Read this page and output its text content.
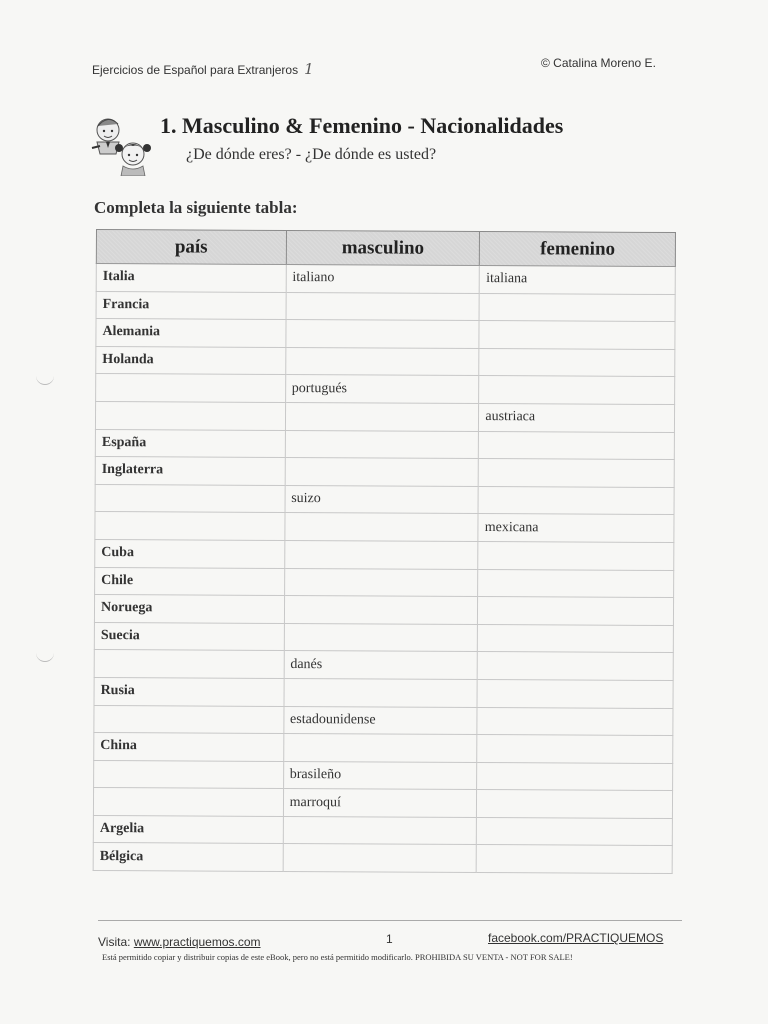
Ejercicios de Español para Extranjeros 1	© Catalina Moreno E.
1. Masculino & Femenino - Nacionalidades
¿De dónde eres? - ¿De dónde es usted?
Completa la siguiente tabla:
país	masculino	femenino
Italia	italiano	italiana
Francia		
Alemania		
Holanda		
	portugués	
		austriaca
España		
Inglaterra		
	suizo	
		mexicana
Cuba		
Chile		
Noruega		
Suecia		
	danés	
Rusia		
	estadounidense	
China		
	brasileño	
	marroquí	
Argelia		
Bélgica		
Visita: www.practiquemos.com	1	facebook.com/PRACTIQUEMOS
Está permitido copiar y distribuir copias de este eBook, pero no está permitido modificarlo. PROHIBIDA SU VENTA - NOT FOR SALE!
